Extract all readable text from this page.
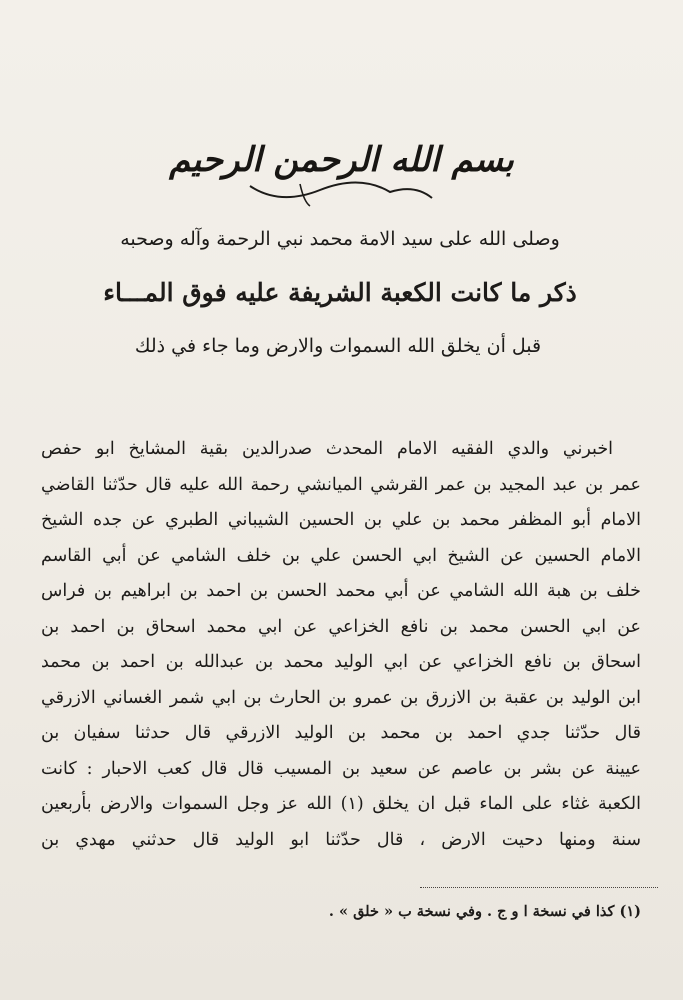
بسم الله الرحمن الرحيم
وصلى الله على سيد الامة محمد نبي الرحمة وآله وصحبه
ذكر ما كانت الكعبة الشريفة عليه فوق المـــاء
قبل أن يخلق الله السموات والارض وما جاء في ذلك
اخبرني والدي الفقيه الامام المحدث صدرالدين بقية المشايخ ابو حفص
عمر بن عبد المجيد بن عمر القرشي الميانشي رحمة الله عليه قال حدّثنا القاضي
الامام أبو المظفر محمد بن علي بن الحسين الشيباني الطبري عن جده الشيخ
الامام الحسين عن الشيخ ابي الحسن علي بن خلف الشامي عن أبي القاسم
خلف بن هبة الله الشامي عن أبي محمد الحسن بن احمد بن ابراهيم بن فراس
عن ابي الحسن محمد بن نافع الخزاعي عن ابي محمد اسحاق بن احمد بن
اسحاق بن نافع الخزاعي عن ابي الوليد محمد بن عبدالله بن احمد بن محمد
ابن الوليد بن عقبة بن الازرق بن عمرو بن الحارث بن ابي شمر الغساني الازرقي
قال حدّثنا جدي احمد بن محمد بن الوليد الازرقي قال حدثنا سفيان بن
عيينة عن بشر بن عاصم عن سعيد بن المسيب قال قال كعب الاحبار : كانت
الكعبة غثاء على الماء قبل ان يخلق (١) الله عز وجل السموات والارض بأربعين
سنة ومنها دحيت الارض ، قال حدّثنا ابو الوليد قال حدثني مهدي بن
(١) كذا في نسخة ا و ج . وفي نسخة ب « خلق » .
